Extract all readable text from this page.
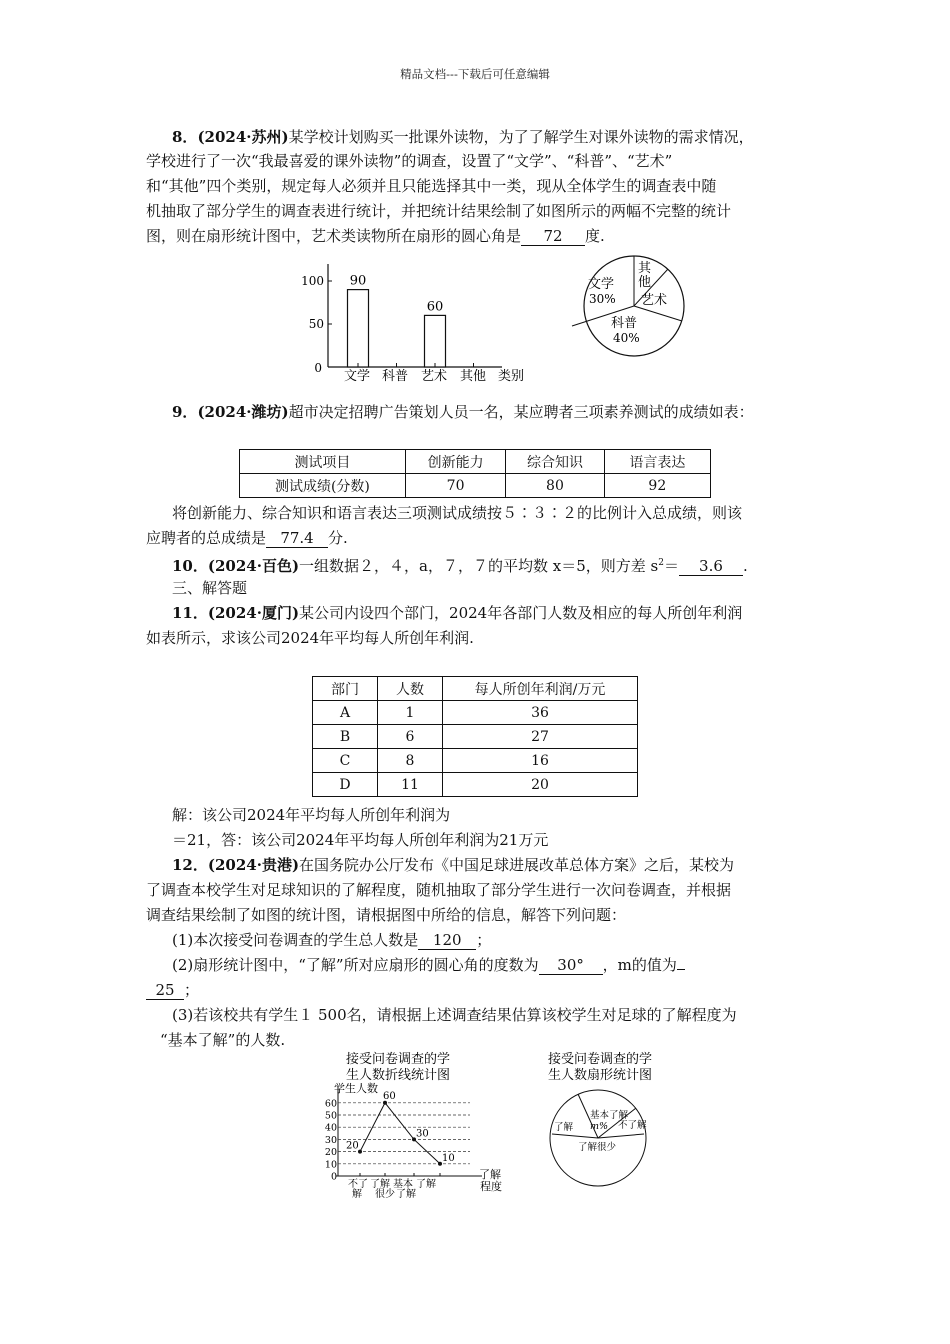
精品文档---下载后可任意编辑
8．(2024·苏州)某学校计划购买一批课外读物，为了了解学生对课外读物的需求情况，
学校进行了一次“我最喜爱的课外读物”的调查，设置了“文学”、“科普”、“艺术”
和“其他”四个类别，规定每人必须并且只能选择其中一类，现从全体学生的调查表中随
机抽取了部分学生的调查表进行统计，并把统计结果绘制了如图所示的两幅不完整的统计
图，则在扇形统计图中，艺术类读物所在扇形的圆心角是 72 度.
100
50
0
90
60
文学 科普 艺术 其他 类别
文学
30%
其
他
艺术
科普
40%
9．(2024·潍坊)超市决定招聘广告策划人员一名，某应聘者三项素养测试的成绩如表：
测试项目	创新能力	综合知识	语言表达
测试成绩(分数)	70	80	92
将创新能力、综合知识和语言表达三项测试成绩按５∶３∶２的比例计入总成绩，则该
应聘者的总成绩是 77.4 分.
10．(2024·百色)一组数据２，４，a，７，７的平均数 x＝5，则方差 $s^2= 3.6$ .
三、解答题
11．(2024·厦门)某公司内设四个部门，2024年各部门人数及相应的每人所创年利润
如表所示，求该公司2024年平均每人所创年利润.
部门	人数	每人所创年利润/万元
A	1	36
B	6	27
C	8	16
D	11	20
解：该公司2024年平均每人所创年利润为
＝21，答：该公司2024年平均每人所创年利润为21万元
12．(2024·贵港)在国务院办公厅发布《中国足球进展改革总体方案》之后，某校为
了调查本校学生对足球知识的了解程度，随机抽取了部分学生进行一次问卷调查，并根据
调查结果绘制了如图的统计图，请根据图中所给的信息，解答下列问题：
(1)本次接受问卷调查的学生总人数是 120 ；
(2)扇形统计图中，“了解”所对应扇形的圆心角的度数为 30° ，m的值为
25 ；
(3)若该校共有学生１ 500名，请根据上述调查结果估算该校学生对足球的了解程度为
“基本了解”的人数.
接受问卷调查的学
生人数折线统计图
学生人数
60
50
40
30
20
10
0
20
60
30
10
不了 了解 基本 了解
解 很少 了解
了解
程度
接受问卷调查的学
生人数扇形统计图
基本了解
m% 不了解
了解
了解很少
